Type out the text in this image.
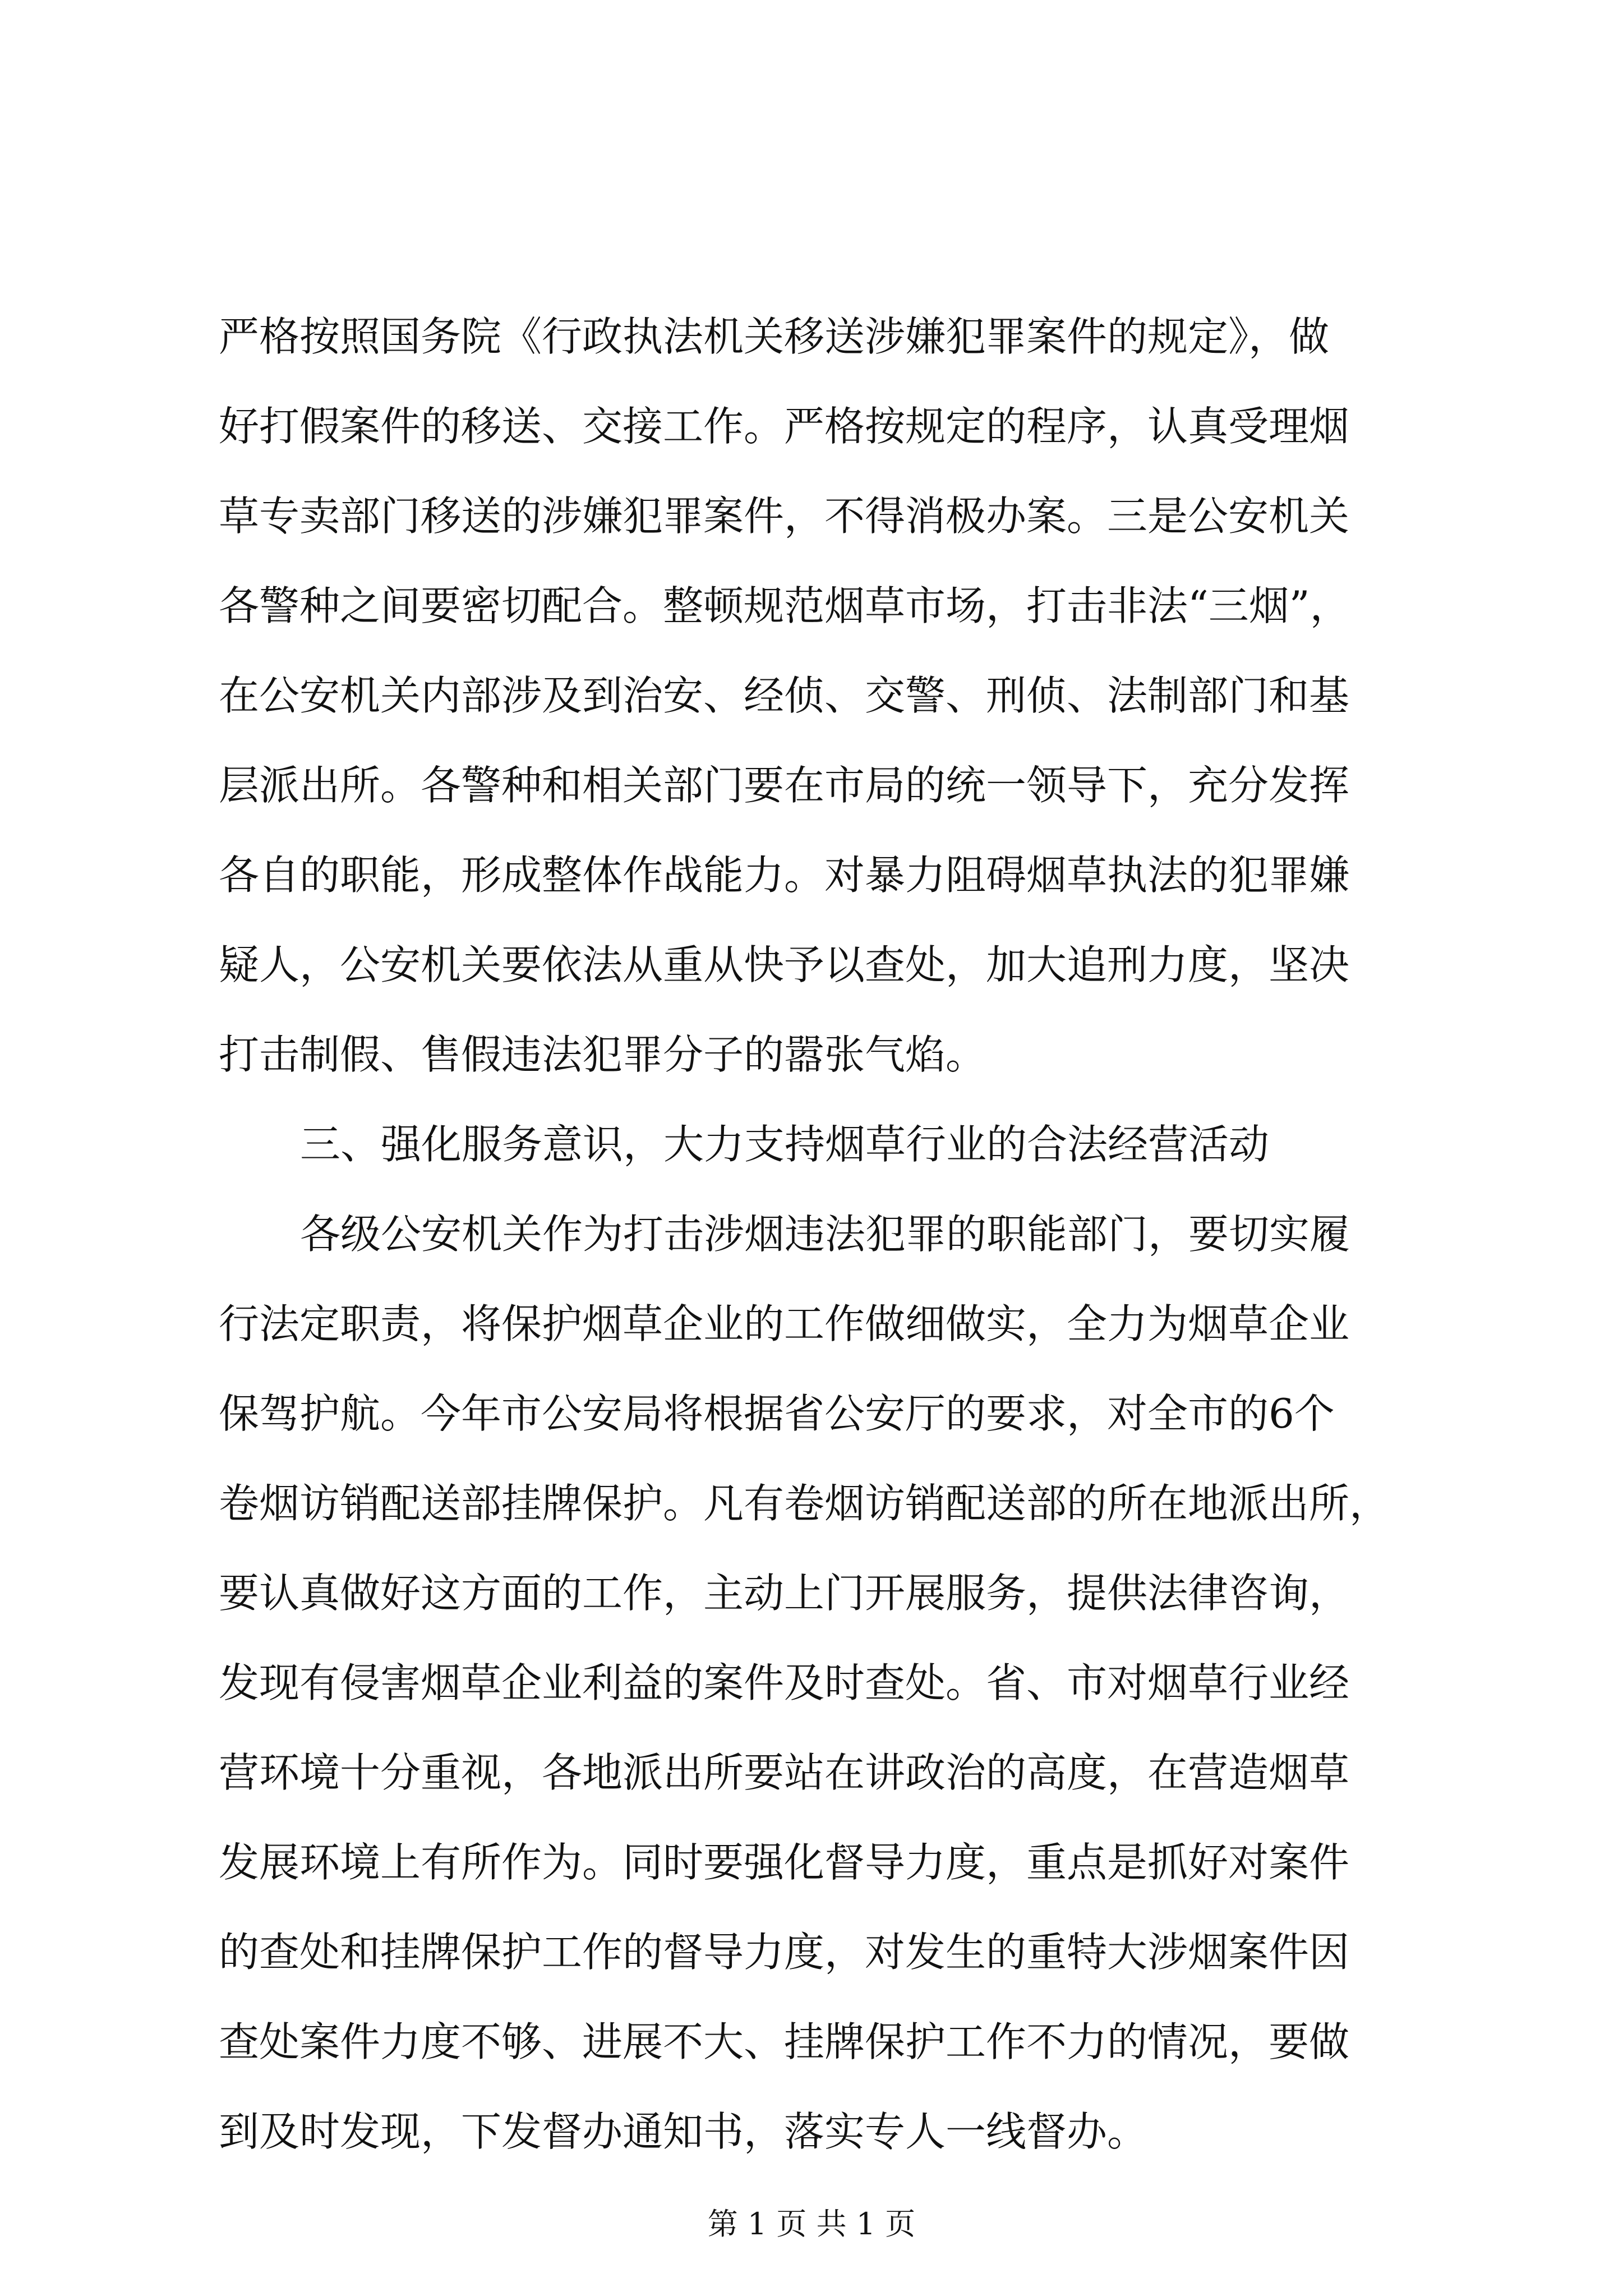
严格按照国务院《行政执法机关移送涉嫌犯罪案件的规定》，做
好打假案件的移送、交接工作。严格按规定的程序，认真受理烟
草专卖部门移送的涉嫌犯罪案件，不得消极办案。三是公安机关
各警种之间要密切配合。整顿规范烟草市场，打击非法“三烟”，
在公安机关内部涉及到治安、经侦、交警、刑侦、法制部门和基
层派出所。各警种和相关部门要在市局的统一领导下，充分发挥
各自的职能，形成整体作战能力。对暴力阻碍烟草执法的犯罪嫌
疑人，公安机关要依法从重从快予以查处，加大追刑力度，坚决
打击制假、售假违法犯罪分子的嚣张气焰。
三、强化服务意识，大力支持烟草行业的合法经营活动
各级公安机关作为打击涉烟违法犯罪的职能部门，要切实履
行法定职责，将保护烟草企业的工作做细做实，全力为烟草企业
保驾护航。今年市公安局将根据省公安厅的要求，对全市的6个
卷烟访销配送部挂牌保护。凡有卷烟访销配送部的所在地派出所，
要认真做好这方面的工作，主动上门开展服务，提供法律咨询，
发现有侵害烟草企业利益的案件及时查处。省、市对烟草行业经
营环境十分重视，各地派出所要站在讲政治的高度，在营造烟草
发展环境上有所作为。同时要强化督导力度，重点是抓好对案件
的查处和挂牌保护工作的督导力度，对发生的重特大涉烟案件因
查处案件力度不够、进展不大、挂牌保护工作不力的情况，要做
到及时发现，下发督办通知书，落实专人一线督办。
第 1 页 共 1 页
